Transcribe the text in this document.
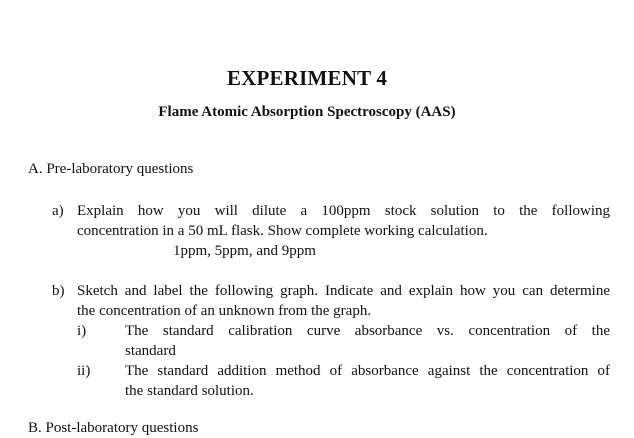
EXPERIMENT 4
Flame Atomic Absorption Spectroscopy (AAS)
A. Pre-laboratory questions
a) Explain how you will dilute a 100ppm stock solution to the following
concentration in a 50 mL flask. Show complete working calculation.
1ppm, 5ppm, and 9ppm
b) Sketch and label the following graph. Indicate and explain how you can determine
the concentration of an unknown from the graph.
i)	The standard calibration curve absorbance vs. concentration of the
standard
ii) The standard addition method of absorbance against the concentration of
the standard solution.
B. Post-laboratory questions
